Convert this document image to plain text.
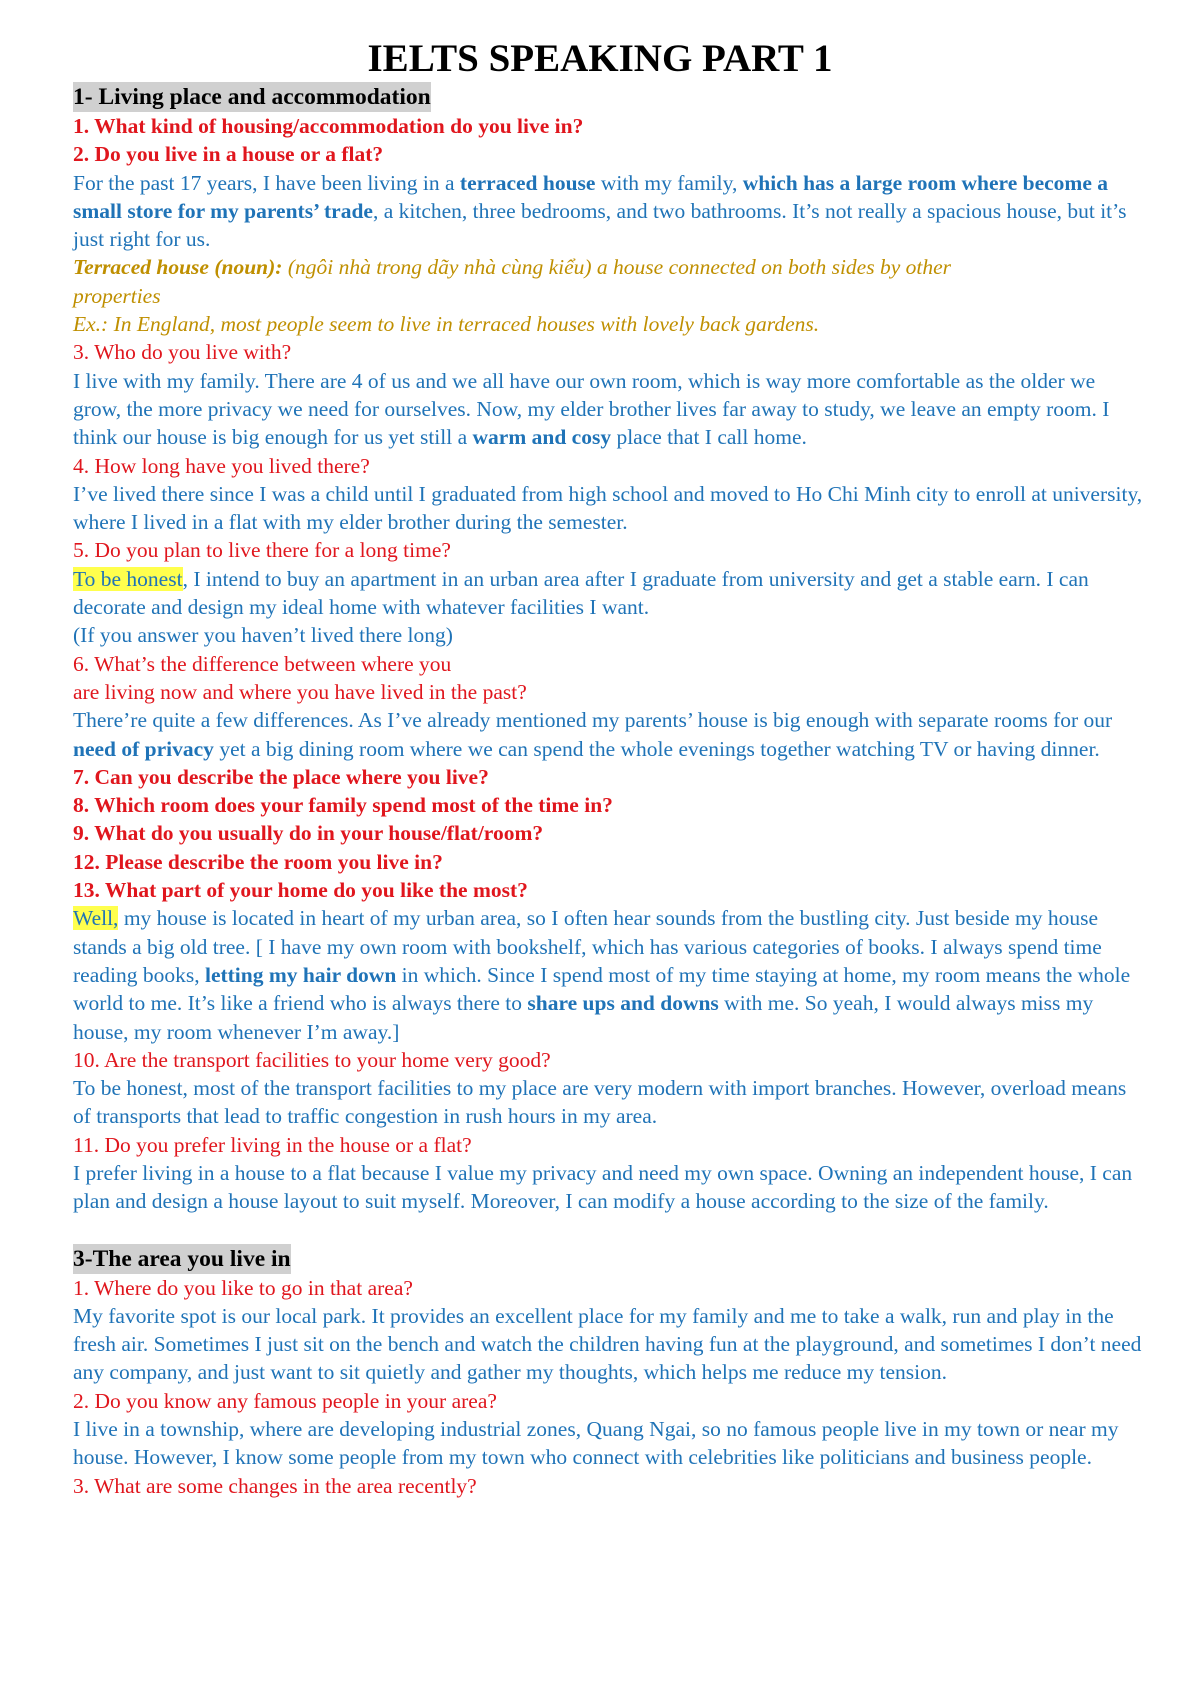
IELTS SPEAKING PART 1
1- Living place and accommodation

1. What kind of housing/accommodation do you live in?

2. Do you live in a house or a flat?

For the past 17 years, I have been living in a terraced house with my family, which has a large room where become a small store for my parents’ trade, a kitchen, three bedrooms, and two bathrooms. It’s not really a spacious house, but it’s just right for us.

Terraced house (noun): (ngôi nhà trong dãy nhà cùng kiểu) a house connected on both sides by other properties

Ex.: In England, most people seem to live in terraced houses with lovely back gardens.

3. Who do you live with?

I live with my family. There are 4 of us and we all have our own room, which is way more comfortable as the older we grow, the more privacy we need for ourselves. Now, my elder brother lives far away to study, we leave an empty room. I think our house is big enough for us yet still a warm and cosy place that I call home.

4. How long have you lived there?

I’ve lived there since I was a child until I graduated from high school and moved to Ho Chi Minh city to enroll at university, where I lived in a flat with my elder brother during the semester.

5. Do you plan to live there for a long time?

To be honest, I intend to buy an apartment in an urban area after I graduate from university and get a stable earn. I can decorate and design my ideal home with whatever facilities I want.

(If you answer you haven’t lived there long)

6. What’s the difference between where you

are living now and where you have lived in the past?

There’re quite a few differences. As I’ve already mentioned my parents’ house is big enough with separate rooms for our need of privacy yet a big dining room where we can spend the whole evenings together watching TV or having dinner.

7. Can you describe the place where you live?

8. Which room does your family spend most of the time in?

9. What do you usually do in your house/flat/room?

12. Please describe the room you live in?

13. What part of your home do you like the most?

Well, my house is located in heart of my urban area, so I often hear sounds from the bustling city. Just beside my house stands a big old tree. [ I have my own room with bookshelf, which has various categories of books. I always spend time reading books, letting my hair down in which. Since I spend most of my time staying at home, my room means the whole world to me. It’s like a friend who is always there to share ups and downs with me. So yeah, I would always miss my house, my room whenever I’m away.]

10. Are the transport facilities to your home very good?

To be honest, most of the transport facilities to my place are very modern with import branches. However, overload means of transports that lead to traffic congestion in rush hours in my area.

11. Do you prefer living in the house or a flat?

I prefer living in a house to a flat because I value my privacy and need my own space. Owning an independent house, I can plan and design a house layout to suit myself. Moreover, I can modify a house according to the size of the family.

3-The area you live in

1. Where do you like to go in that area?

My favorite spot is our local park. It provides an excellent place for my family and me to take a walk, run and play in the fresh air. Sometimes I just sit on the bench and watch the children having fun at the playground, and sometimes I don’t need any company, and just want to sit quietly and gather my thoughts, which helps me reduce my tension.

2. Do you know any famous people in your area?

I live in a township, where are developing industrial zones, Quang Ngai, so no famous people live in my town or near my house. However, I know some people from my town who connect with celebrities like politicians and business people.

3. What are some changes in the area recently?
